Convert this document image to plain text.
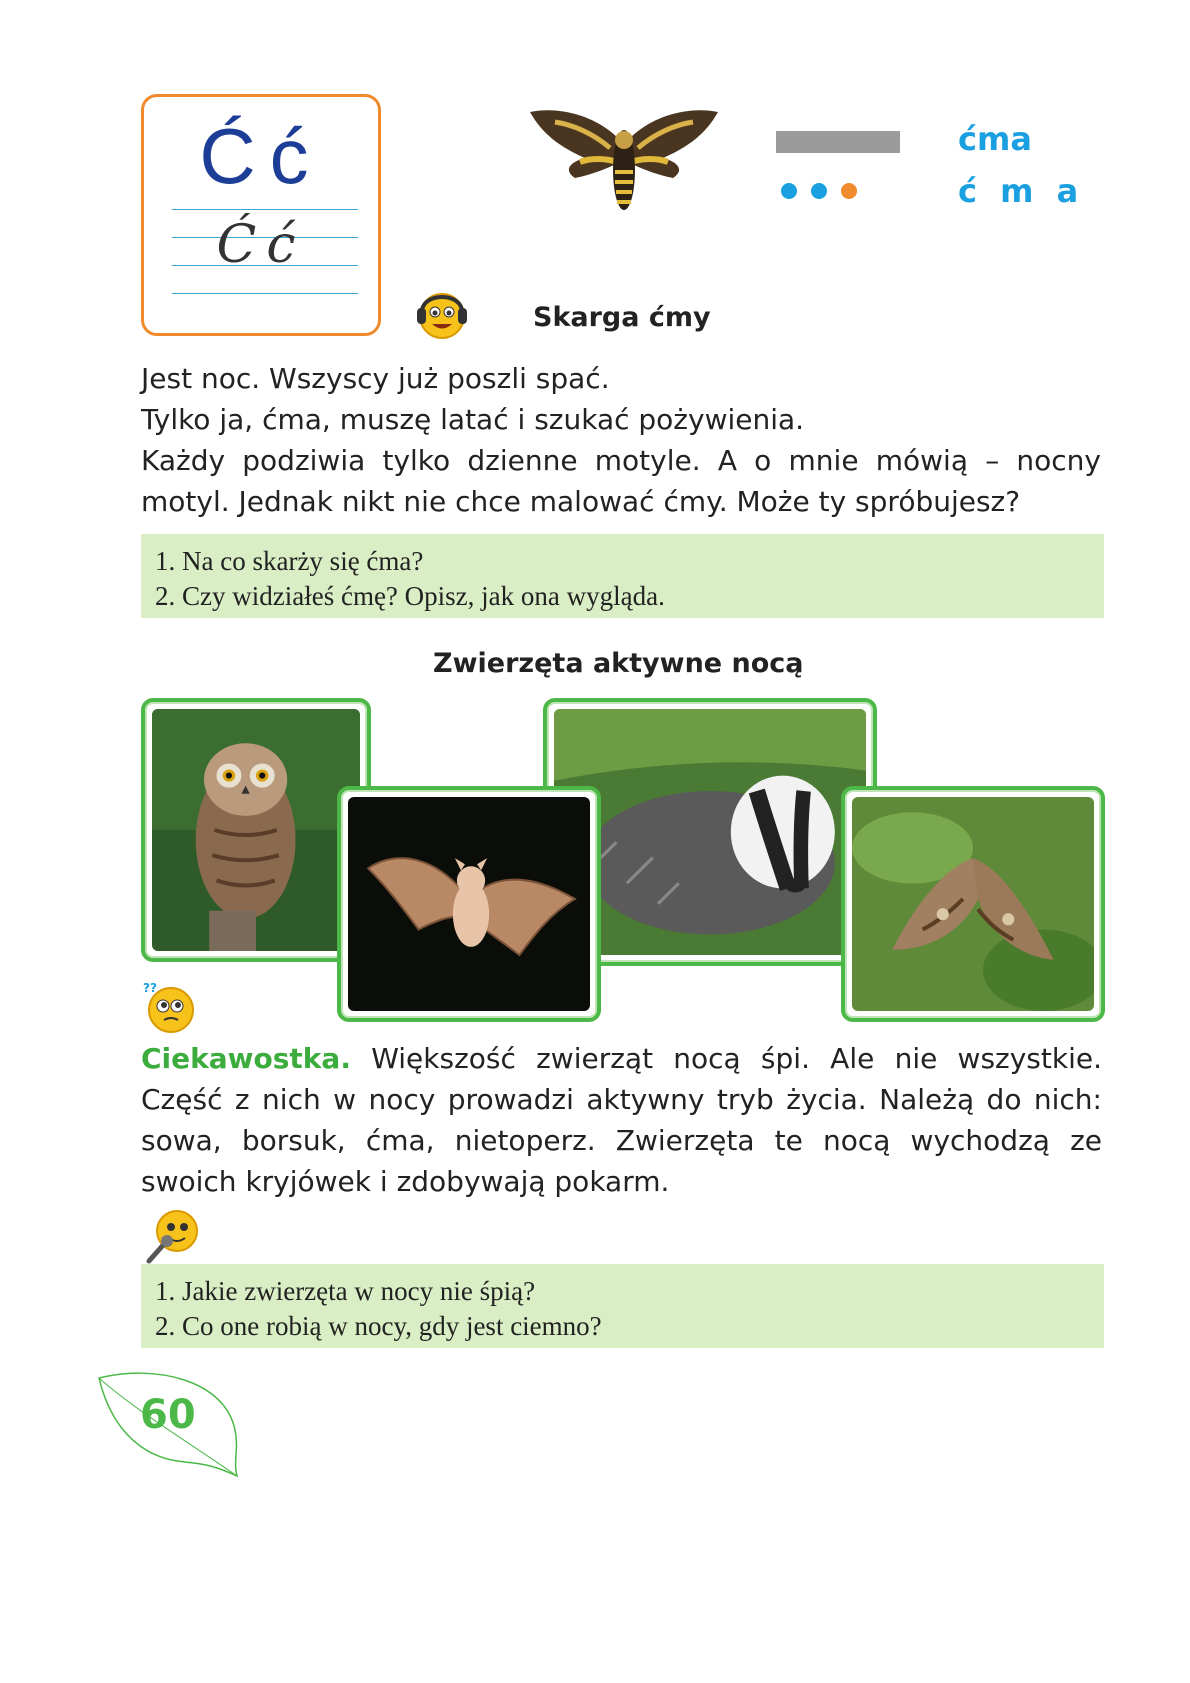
Ćć
Ćć
ćma
ć m a
Skarga ćmy

Jest noc. Wszyscy już poszli spać.

Tylko ja, ćma, muszę latać i szukać pożywienia.

Każdy podziwia tylko dzienne motyle. A o mnie mówią – nocny motyl. Jednak nikt nie chce malować ćmy. Może ty spróbujesz?

1. Na co skarży się ćma?

2. Czy widziałeś ćmę? Opisz, jak ona wygląda.

Zwierzęta aktywne nocą
??
Ciekawostka. Większość zwierząt nocą śpi. Ale nie wszystkie. Część z nich w nocy prowadzi aktywny tryb życia. Należą do nich: sowa, borsuk, ćma, nietoperz. Zwierzęta te nocą wychodzą ze swoich kryjówek i zdobywają pokarm.

1. Jakie zwierzęta w nocy nie śpią?

2. Co one robią w nocy, gdy jest ciemno?

60
